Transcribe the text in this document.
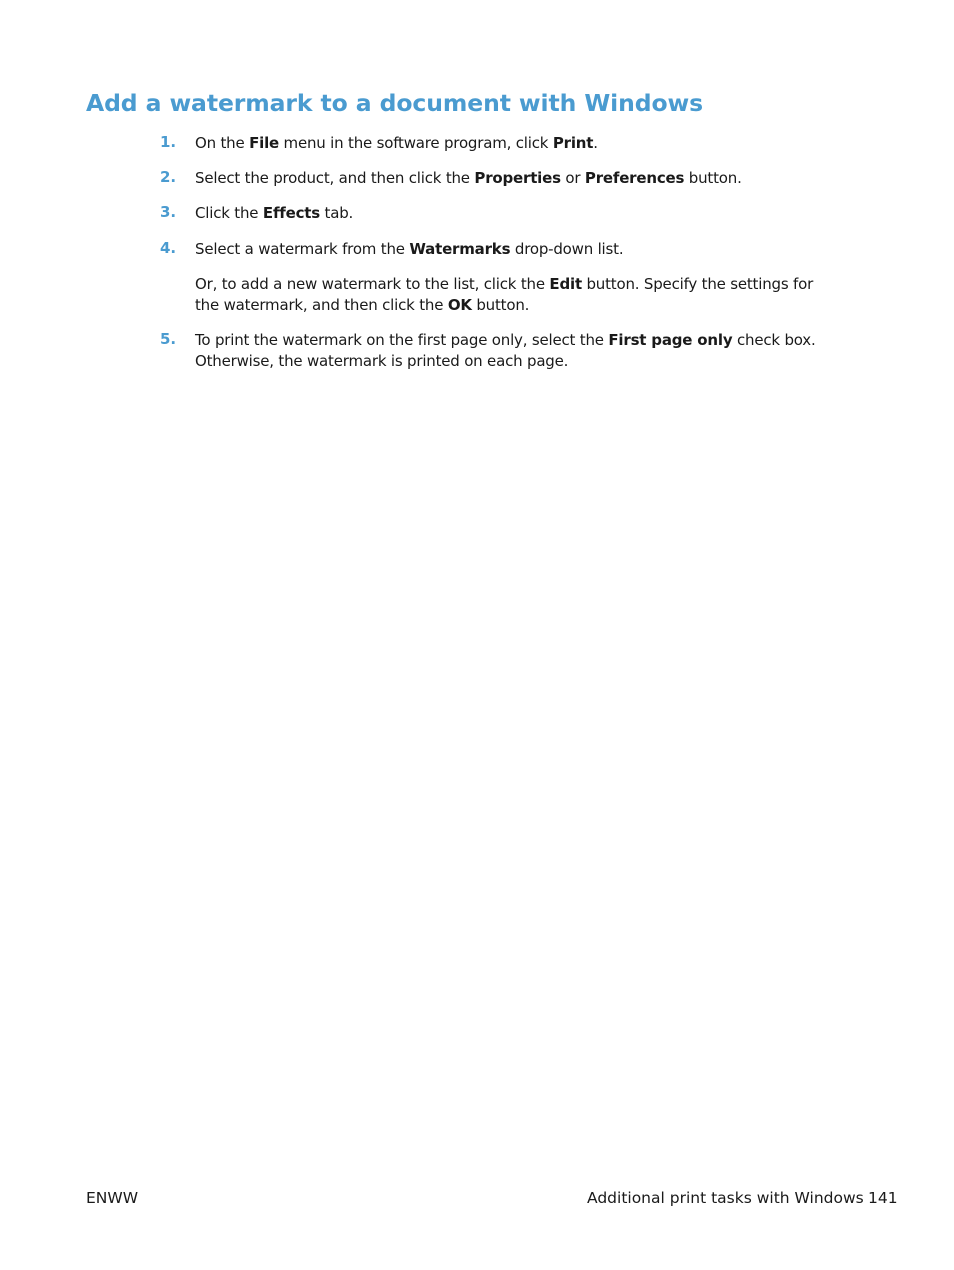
Add a watermark to a document with Windows
1. On the File menu in the software program, click Print.
2. Select the product, and then click the Properties or Preferences button.
3. Click the Effects tab.
4. Select a watermark from the Watermarks drop-down list.
Or, to add a new watermark to the list, click the Edit button. Specify the settings for the watermark, and then click the OK button.
5. To print the watermark on the first page only, select the First page only check box. Otherwise, the watermark is printed on each page.
ENWW	Additional print tasks with Windows 141
